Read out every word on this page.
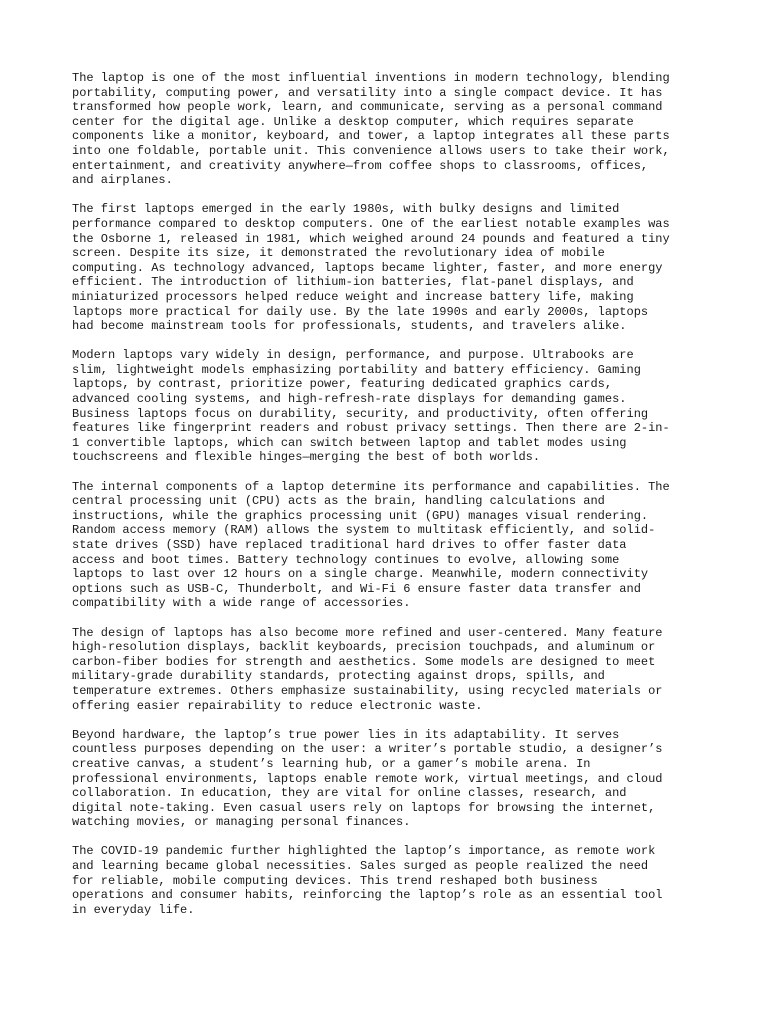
The laptop is one of the most influential inventions in modern technology, blending
portability, computing power, and versatility into a single compact device. It has
transformed how people work, learn, and communicate, serving as a personal command
center for the digital age. Unlike a desktop computer, which requires separate
components like a monitor, keyboard, and tower, a laptop integrates all these parts
into one foldable, portable unit. This convenience allows users to take their work,
entertainment, and creativity anywhere—from coffee shops to classrooms, offices,
and airplanes.

The first laptops emerged in the early 1980s, with bulky designs and limited
performance compared to desktop computers. One of the earliest notable examples was
the Osborne 1, released in 1981, which weighed around 24 pounds and featured a tiny
screen. Despite its size, it demonstrated the revolutionary idea of mobile
computing. As technology advanced, laptops became lighter, faster, and more energy
efficient. The introduction of lithium-ion batteries, flat-panel displays, and
miniaturized processors helped reduce weight and increase battery life, making
laptops more practical for daily use. By the late 1990s and early 2000s, laptops
had become mainstream tools for professionals, students, and travelers alike.

Modern laptops vary widely in design, performance, and purpose. Ultrabooks are
slim, lightweight models emphasizing portability and battery efficiency. Gaming
laptops, by contrast, prioritize power, featuring dedicated graphics cards,
advanced cooling systems, and high-refresh-rate displays for demanding games.
Business laptops focus on durability, security, and productivity, often offering
features like fingerprint readers and robust privacy settings. Then there are 2-in-
1 convertible laptops, which can switch between laptop and tablet modes using
touchscreens and flexible hinges—merging the best of both worlds.

The internal components of a laptop determine its performance and capabilities. The
central processing unit (CPU) acts as the brain, handling calculations and
instructions, while the graphics processing unit (GPU) manages visual rendering.
Random access memory (RAM) allows the system to multitask efficiently, and solid-
state drives (SSD) have replaced traditional hard drives to offer faster data
access and boot times. Battery technology continues to evolve, allowing some
laptops to last over 12 hours on a single charge. Meanwhile, modern connectivity
options such as USB-C, Thunderbolt, and Wi-Fi 6 ensure faster data transfer and
compatibility with a wide range of accessories.

The design of laptops has also become more refined and user-centered. Many feature
high-resolution displays, backlit keyboards, precision touchpads, and aluminum or
carbon-fiber bodies for strength and aesthetics. Some models are designed to meet
military-grade durability standards, protecting against drops, spills, and
temperature extremes. Others emphasize sustainability, using recycled materials or
offering easier repairability to reduce electronic waste.

Beyond hardware, the laptop’s true power lies in its adaptability. It serves
countless purposes depending on the user: a writer’s portable studio, a designer’s
creative canvas, a student’s learning hub, or a gamer’s mobile arena. In
professional environments, laptops enable remote work, virtual meetings, and cloud
collaboration. In education, they are vital for online classes, research, and
digital note-taking. Even casual users rely on laptops for browsing the internet,
watching movies, or managing personal finances.

The COVID-19 pandemic further highlighted the laptop’s importance, as remote work
and learning became global necessities. Sales surged as people realized the need
for reliable, mobile computing devices. This trend reshaped both business
operations and consumer habits, reinforcing the laptop’s role as an essential tool
in everyday life.
